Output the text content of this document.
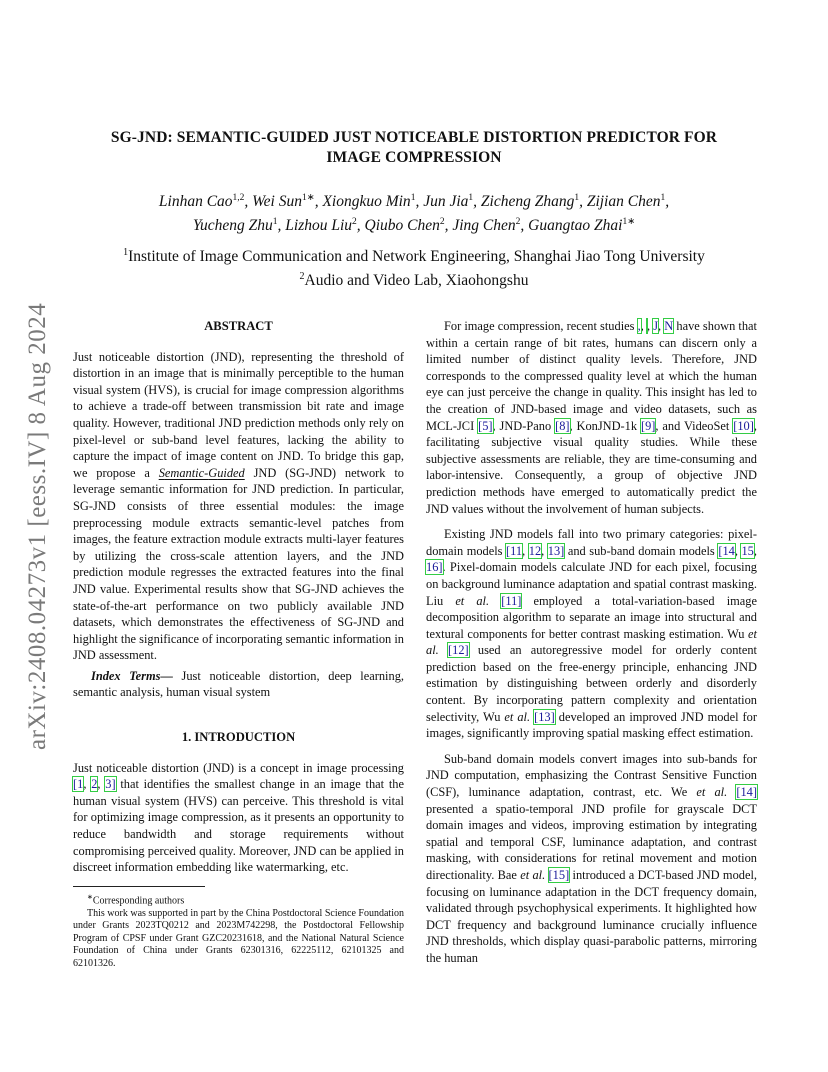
arXiv:2408.04273v1 [eess.IV] 8 Aug 2024
SG-JND: SEMANTIC-GUIDED JUST NOTICEABLE DISTORTION PREDICTOR FOR
IMAGE COMPRESSION
Linhan Cao$^{1,2}$, Wei Sun$^{1∗}$, Xiongkuo Min$^1$, Jun Jia$^1$, Zicheng Zhang$^1$, Zijian Chen$^1$,
Yucheng Zhu$^1$, Lizhou Liu$^2$, Qiubo Chen$^2$, Jing Chen$^2$, Guangtao Zhai$^{1∗}$
$^1$Institute of Image Communication and Network Engineering, Shanghai Jiao Tong University
$^2$Audio and Video Lab, Xiaohongshu

ABSTRACT

Just noticeable distortion (JND), representing the threshold of distortion in an image that is minimally perceptible to the human visual system (HVS), is crucial for image compression algorithms to achieve a trade-off between transmission bit rate and image quality. However, traditional JND prediction methods only rely on pixel-level or sub-band level features, lacking the ability to capture the impact of image content on JND. To bridge this gap, we propose a Semantic-Guided JND (SG-JND) network to leverage semantic information for JND prediction. In particular, SG-JND consists of three essential modules: the image preprocessing module extracts semantic-level patches from images, the feature extraction module extracts multi-layer features by utilizing the cross-scale attention layers, and the JND prediction module regresses the extracted features into the final JND value. Experimental results show that SG-JND achieves the state-of-the-art performance on two publicly available JND datasets, which demonstrates the effectiveness of SG-JND and highlight the significance of incorporating semantic information in JND assessment.

Index Terms— Just noticeable distortion, deep learning, semantic analysis, human visual system

1. INTRODUCTION

Just noticeable distortion (JND) is a concept in image processing [1, 2, 3] that identifies the smallest change in an image that the human visual system (HVS) can perceive. This threshold is vital for optimizing image compression, as it presents an opportunity to reduce bandwidth and storage requirements without compromising perceived quality. Moreover, JND can be applied in discreet information embedding like watermarking, etc.

∗Corresponding authors

This work was supported in part by the China Postdoctoral Science Foundation under Grants 2023TQ0212 and 2023M742298, the Postdoctoral Fellowship Program of CPSF under Grant GZC20231618, and the National Natural Science Foundation of China under Grants 62301316, 62225112, 62101325 and 62101326.

For image compression, recent studies ,, , J, N have shown that within a certain range of bit rates, humans can discern only a limited number of distinct quality levels. Therefore, JND corresponds to the compressed quality level at which the human eye can just perceive the change in quality. This insight has led to the creation of JND-based image and video datasets, such as MCL-JCI [5], JND-Pano [8], KonJND-1k [9], and VideoSet [10], facilitating subjective visual quality studies. While these subjective assessments are reliable, they are time-consuming and labor-intensive. Consequently, a group of objective JND prediction methods have emerged to automatically predict the JND values without the involvement of human subjects.

Existing JND models fall into two primary categories: pixel-domain models [11, 12, 13] and sub-band domain models [14, 15, 16]. Pixel-domain models calculate JND for each pixel, focusing on background luminance adaptation and spatial contrast masking. Liu et al. [11] employed a total-variation-based image decomposition algorithm to separate an image into structural and textural components for better contrast masking estimation. Wu et al. [12] used an autoregressive model for orderly content prediction based on the free-energy principle, enhancing JND estimation by distinguishing between orderly and disorderly content. By incorporating pattern complexity and orientation selectivity, Wu et al. [13] developed an improved JND model for images, significantly improving spatial masking effect estimation.

Sub-band domain models convert images into sub-bands for JND computation, emphasizing the Contrast Sensitive Function (CSF), luminance adaptation, contrast, etc. We et al. [14] presented a spatio-temporal JND profile for grayscale DCT domain images and videos, improving estimation by integrating spatial and temporal CSF, luminance adaptation, and contrast masking, with considerations for retinal movement and motion directionality. Bae et al. [15] introduced a DCT-based JND model, focusing on luminance adaptation in the DCT frequency domain, validated through psychophysical experiments. It highlighted how DCT frequency and background luminance crucially influence JND thresholds, which display quasi-parabolic patterns, mirroring the human
